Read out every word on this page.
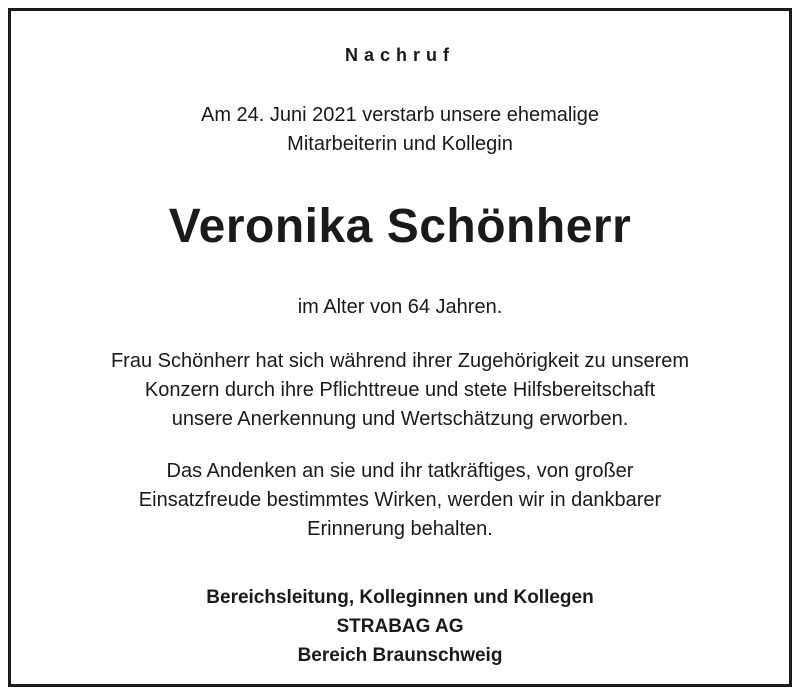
Nachruf
Am 24. Juni 2021 verstarb unsere ehemalige
Mitarbeiterin und Kollegin
Veronika Schönherr
im Alter von 64 Jahren.
Frau Schönherr hat sich während ihrer Zugehörigkeit zu unserem
Konzern durch ihre Pflichttreue und stete Hilfsbereitschaft
unsere Anerkennung und Wertschätzung erworben.
Das Andenken an sie und ihr tatkräftiges, von großer
Einsatzfreude bestimmtes Wirken, werden wir in dankbarer
Erinnerung behalten.
Bereichsleitung, Kolleginnen und Kollegen
STRABAG AG
Bereich Braunschweig
